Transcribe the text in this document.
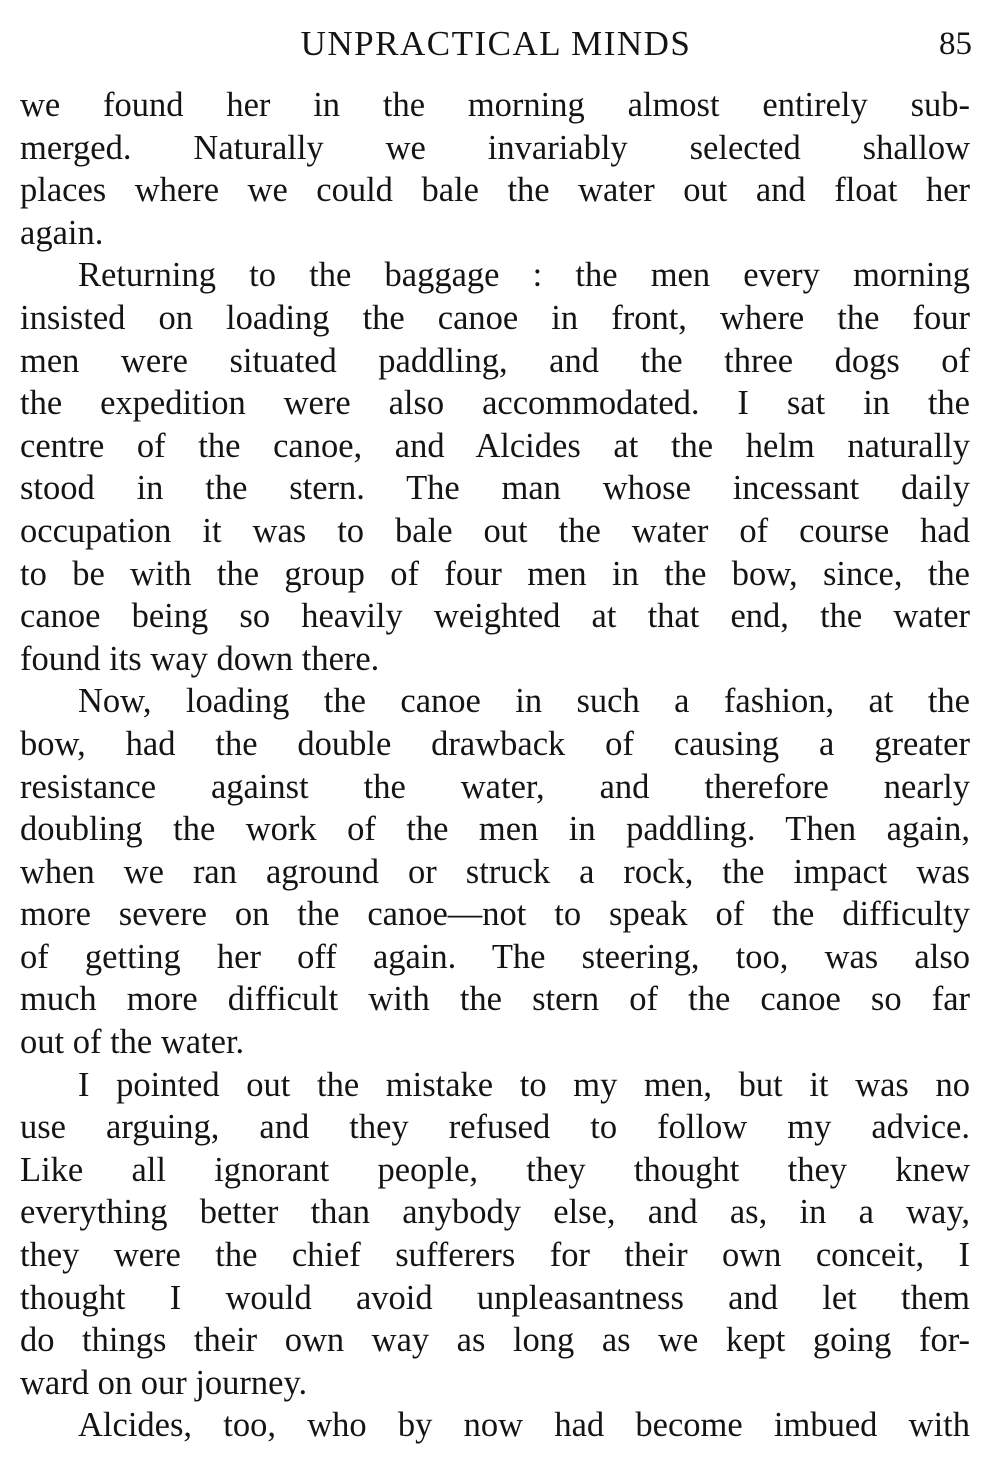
UNPRACTICAL MINDS	85
we found her in the morning almost entirely sub-
merged. Naturally we invariably selected shallow
places where we could bale the water out and float her
again.
Returning to the baggage : the men every morning
insisted on loading the canoe in front, where the four
men were situated paddling, and the three dogs of
the expedition were also accommodated. I sat in the
centre of the canoe, and Alcides at the helm naturally
stood in the stern. The man whose incessant daily
occupation it was to bale out the water of course had
to be with the group of four men in the bow, since, the
canoe being so heavily weighted at that end, the water
found its way down there.
Now, loading the canoe in such a fashion, at the
bow, had the double drawback of causing a greater
resistance against the water, and therefore nearly
doubling the work of the men in paddling. Then again,
when we ran aground or struck a rock, the impact was
more severe on the canoe—not to speak of the difficulty
of getting her off again. The steering, too, was also
much more difficult with the stern of the canoe so far
out of the water.
I pointed out the mistake to my men, but it was no
use arguing, and they refused to follow my advice.
Like all ignorant people, they thought they knew
everything better than anybody else, and as, in a way,
they were the chief sufferers for their own conceit, I
thought I would avoid unpleasantness and let them
do things their own way as long as we kept going for-
ward on our journey.
Alcides, too, who by now had become imbued with
